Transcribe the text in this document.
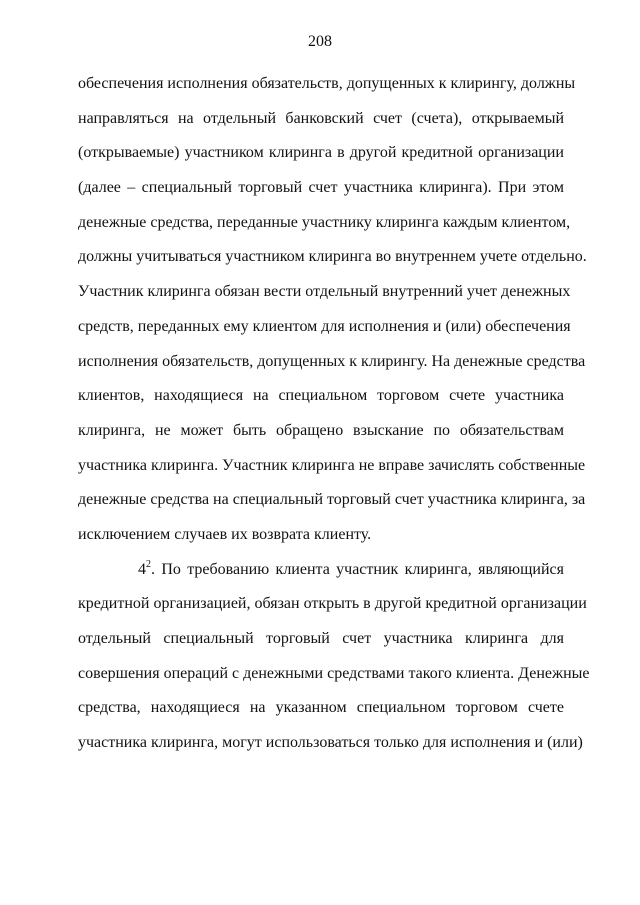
208
обеспечения исполнения обязательств, допущенных к клирингу, должны
направляться на отдельный банковский счет (счета), открываемый
(открываемые) участником клиринга в другой кредитной организации
(далее – специальный торговый счет участника клиринга). При этом
денежные средства, переданные участнику клиринга каждым клиентом,
должны учитываться участником клиринга во внутреннем учете отдельно.
Участник клиринга обязан вести отдельный внутренний учет денежных
средств, переданных ему клиентом для исполнения и (или) обеспечения
исполнения обязательств, допущенных к клирингу. На денежные средства
клиентов, находящиеся на специальном торговом счете участника
клиринга, не может быть обращено взыскание по обязательствам
участника клиринга. Участник клиринга не вправе зачислять собственные
денежные средства на специальный торговый счет участника клиринга, за
исключением случаев их возврата клиенту.
$4^2$. По требованию клиента участник клиринга, являющийся
кредитной организацией, обязан открыть в другой кредитной организации
отдельный специальный торговый счет участника клиринга для
совершения операций с денежными средствами такого клиента. Денежные
средства, находящиеся на указанном специальном торговом счете
участника клиринга, могут использоваться только для исполнения и (или)
